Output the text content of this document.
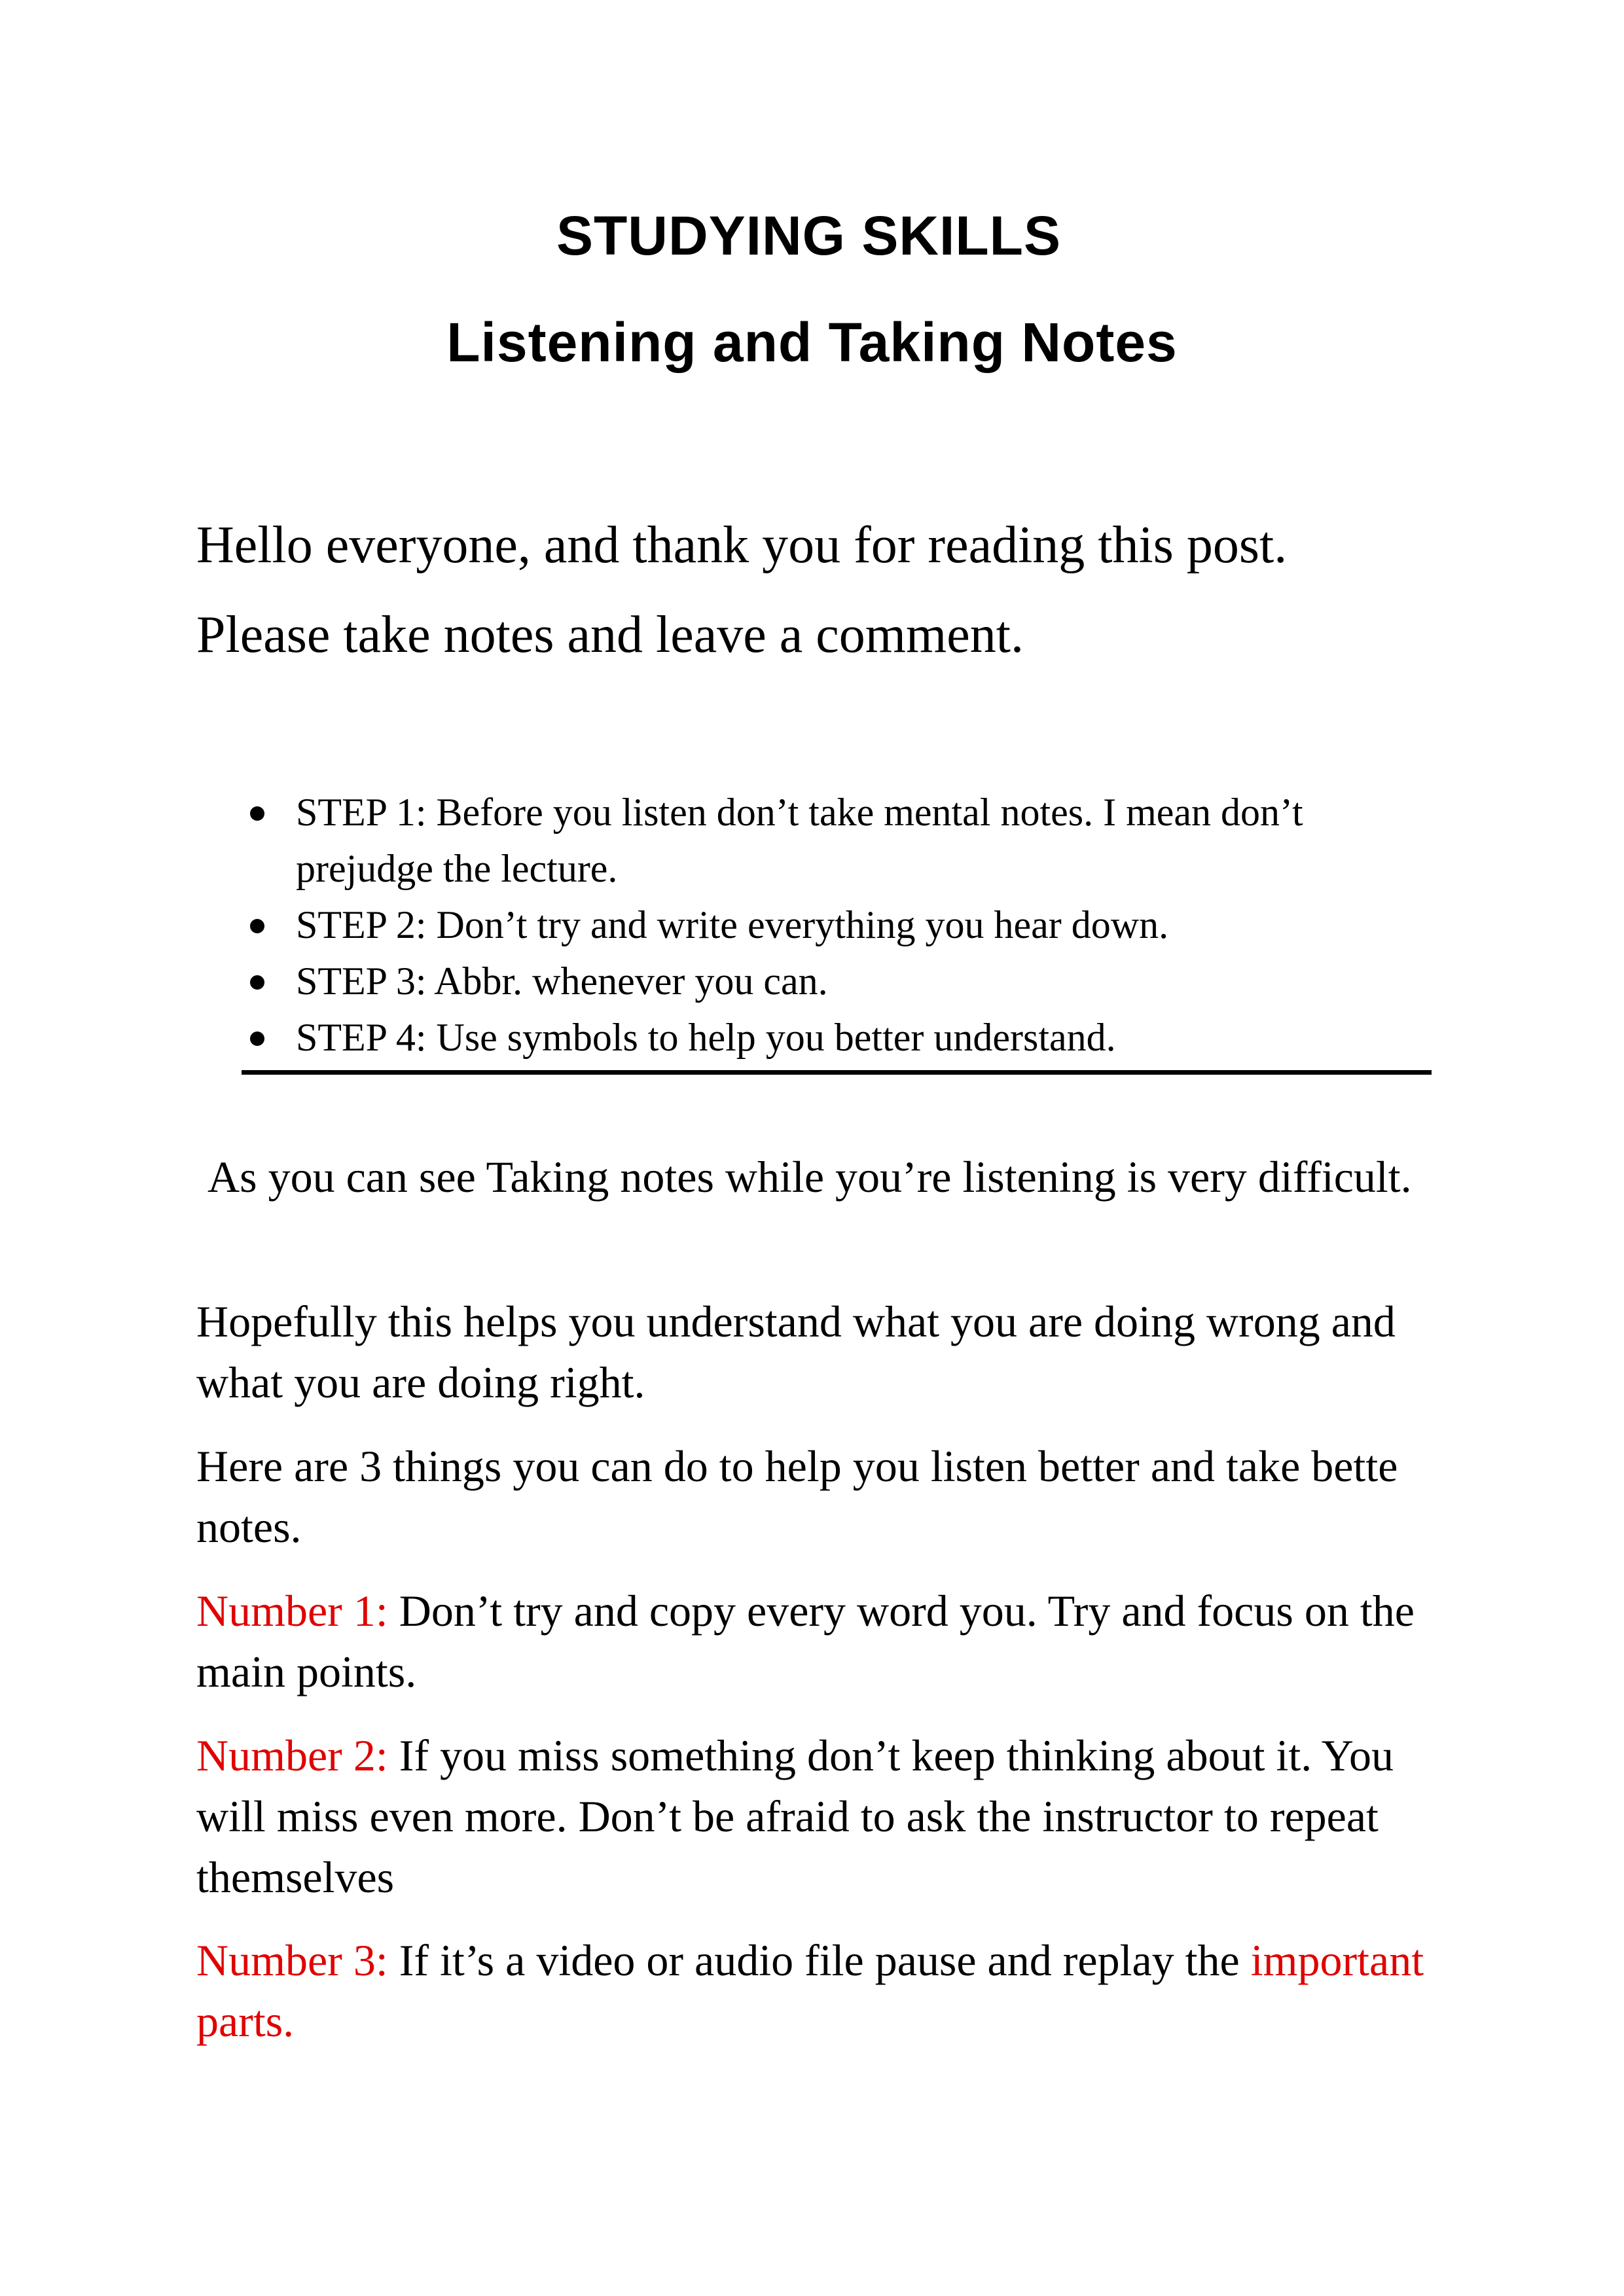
STUDYING SKILLS
Listening and Taking Notes
Hello everyone, and thank you for reading this post.
Please take notes and leave a comment.
STEP 1: Before you listen don’t take mental notes. I mean don’t prejudge the lecture.
STEP 2: Don’t try and write everything you hear down.
STEP 3: Abbr. whenever you can.
STEP 4: Use symbols to help you better understand.

As you can see Taking notes while you’re listening is very difficult.

Hopefully this helps you understand what you are doing wrong and what you are doing right.

Here are 3 things you can do to help you listen better and take bette notes.

Number 1: Don’t try and copy every word you. Try and focus on the main points.

Number 2: If you miss something don’t keep thinking about it. You will miss even more. Don’t be afraid to ask the instructor to repeat themselves

Number 3: If it’s a video or audio file pause and replay the important parts.
